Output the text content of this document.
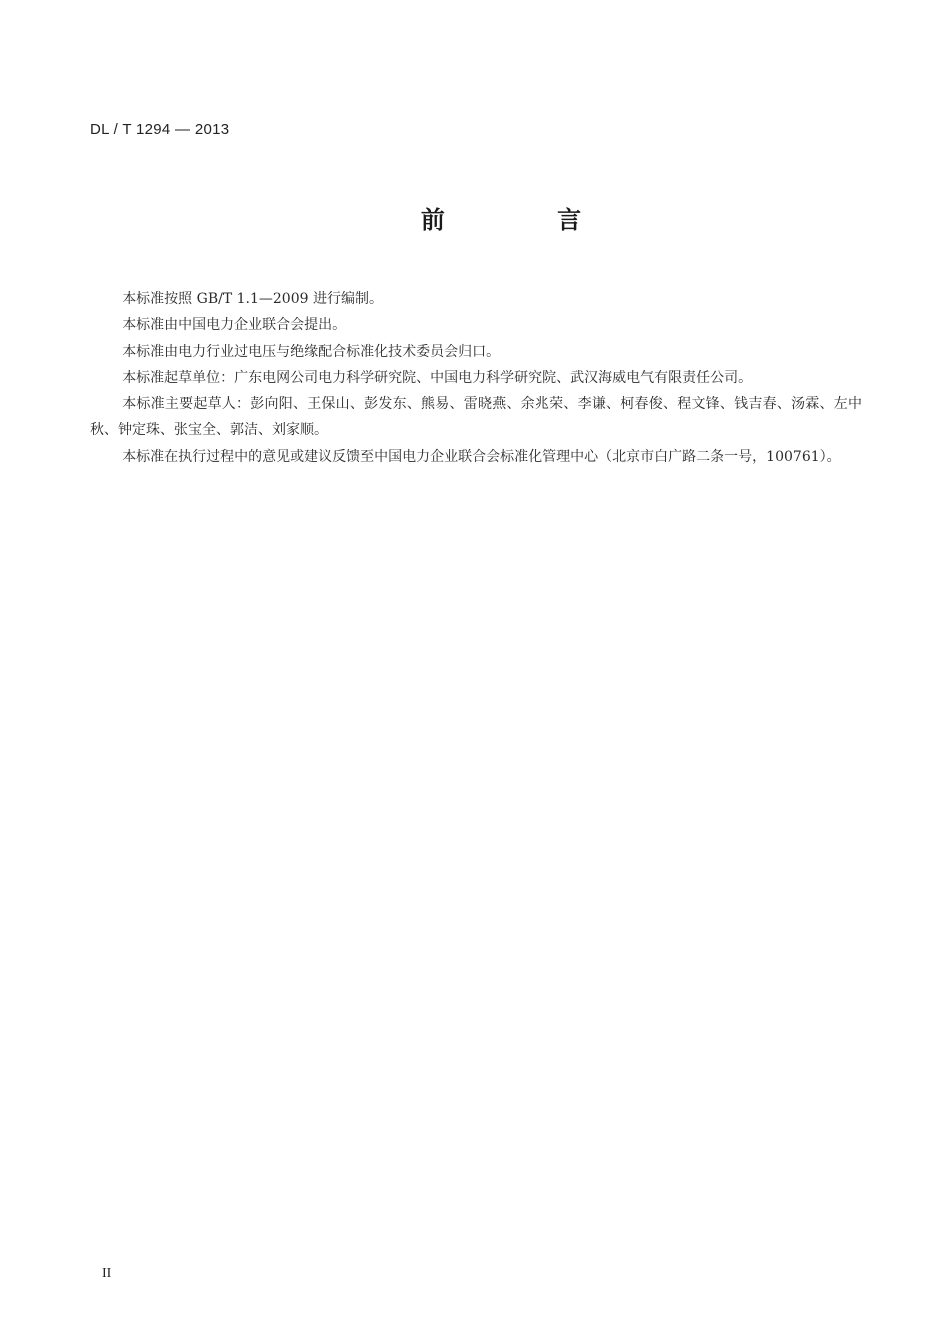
DL / T 1294 — 2013
前 言

本标准按照 GB/T 1.1—2009 进行编制。

本标准由中国电力企业联合会提出。

本标准由电力行业过电压与绝缘配合标准化技术委员会归口。

本标准起草单位：广东电网公司电力科学研究院、中国电力科学研究院、武汉海威电气有限责任公司。

本标准主要起草人：彭向阳、王保山、彭发东、熊易、雷晓燕、余兆荣、李谦、柯春俊、程文锋、钱吉春、汤霖、左中秋、钟定珠、张宝全、郭洁、刘家顺。

本标准在执行过程中的意见或建议反馈至中国电力企业联合会标准化管理中心（北京市白广路二条一号，100761）。

II
